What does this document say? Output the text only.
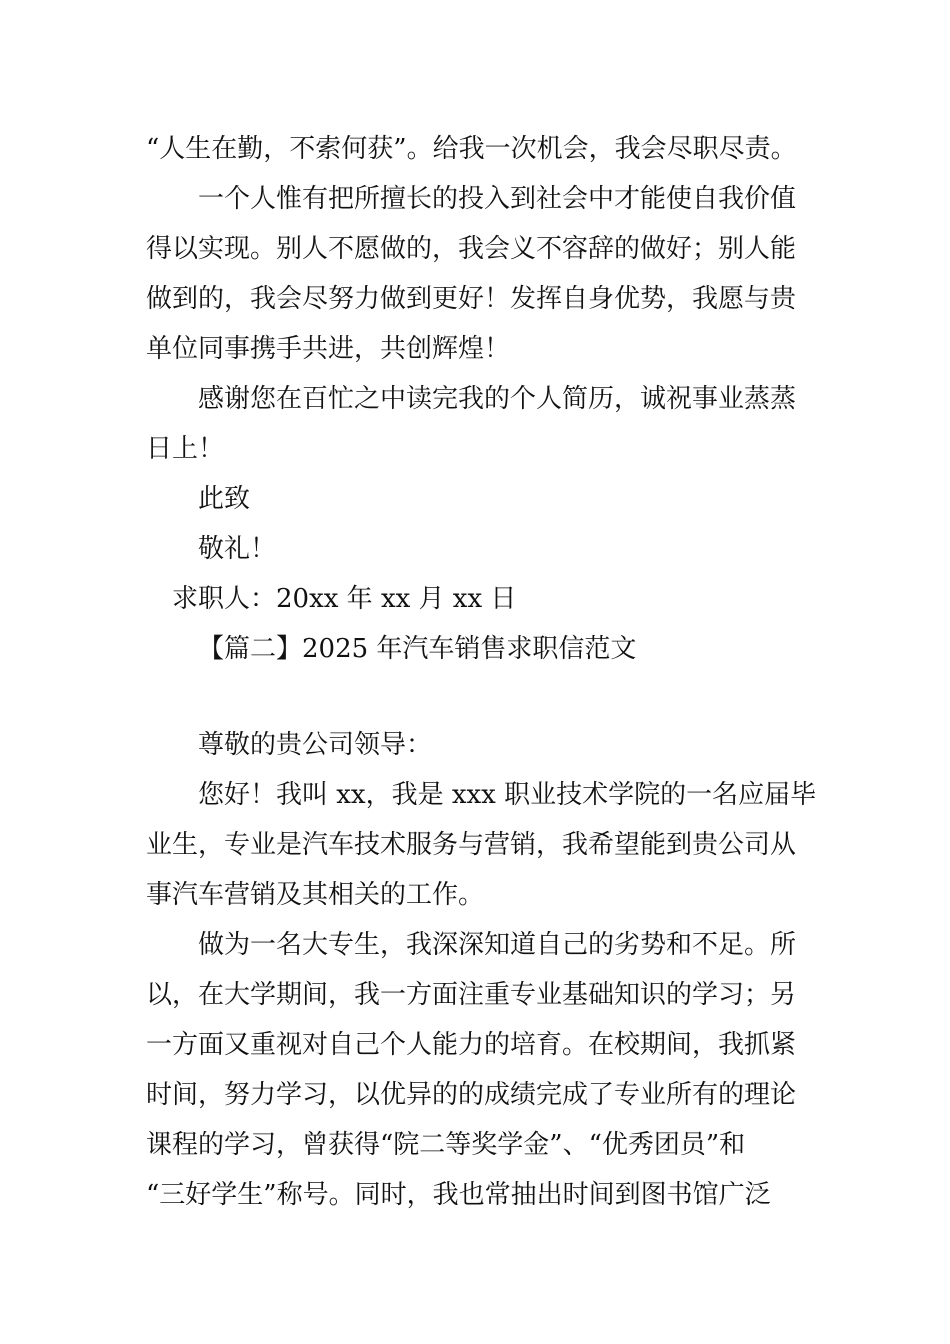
“人生在勤，不索何获”。给我一次机会，我会尽职尽责。
一个人惟有把所擅长的投入到社会中才能使自我价值
得以实现。别人不愿做的，我会义不容辞的做好；别人能
做到的，我会尽努力做到更好！发挥自身优势，我愿与贵
单位同事携手共进，共创辉煌！
感谢您在百忙之中读完我的个人简历，诚祝事业蒸蒸
日上！
此致
敬礼！
求职人：20xx 年 xx 月 xx 日
【篇二】2025 年汽车销售求职信范文
尊敬的贵公司领导：
您好！我叫 xx，我是 xxx 职业技术学院的一名应届毕
业生，专业是汽车技术服务与营销，我希望能到贵公司从
事汽车营销及其相关的工作。
做为一名大专生，我深深知道自己的劣势和不足。所
以，在大学期间，我一方面注重专业基础知识的学习；另
一方面又重视对自己个人能力的培育。在校期间，我抓紧
时间，努力学习，以优异的的成绩完成了专业所有的理论
课程的学习，曾获得“院二等奖学金”、“优秀团员”和
“三好学生”称号。同时，我也常抽出时间到图书馆广泛
